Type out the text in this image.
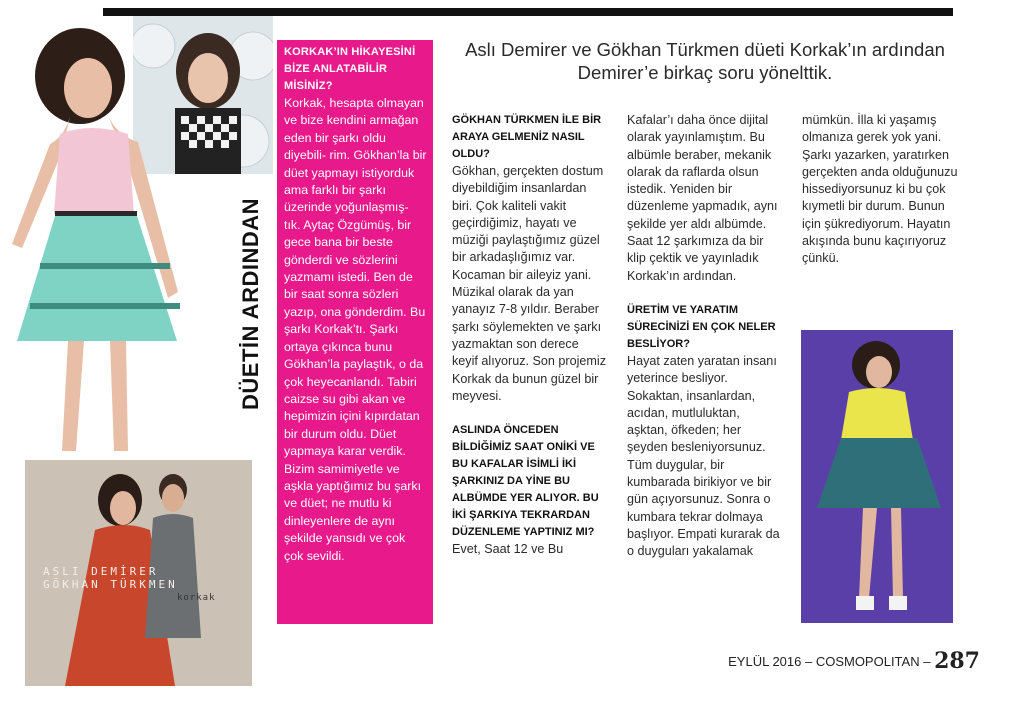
ASLI DEMİRER
GÖKHAN TÜRKMEN
korkak
KORKAK’IN HİKAYESİNİ BİZE ANLATABİLİR MİSİNİZ?
Korkak, hesapta olmayan ve bize kendini armağan eden bir şarkı oldu diyebili- rim. Gökhan’la bir düet yapmayı istiyorduk ama farklı bir şarkı üzerinde yoğunlaşmış- tık. Aytaç Özgümüş, bir gece bana bir beste gönderdi ve sözlerini yazmamı istedi. Ben de bir saat sonra sözleri yazıp, ona gönderdim. Bu şarkı Korkak’tı. Şarkı ortaya çıkınca bunu Gökhan’la paylaştık, o da çok heyecanlandı. Tabiri caizse su gibi akan ve hepimizin içini kıpırdatan bir durum oldu. Düet yapmaya karar verdik. Bizim samimiyetle ve aşkla yaptığımız bu şarkı ve düet; ne mutlu ki dinleyenlere de aynı şekilde yansıdı ve çok çok sevildi.
DÜETİN ARDINDAN
Aslı Demirer ve Gökhan Türkmen düeti Korkak’ın ardından Demirer’e birkaç soru yönelttik.
GÖKHAN TÜRKMEN İLE BİR ARAYA GELMENİZ NASIL OLDU?
Gökhan, gerçekten dostum diyebildiğim insanlardan biri. Çok kaliteli vakit geçirdiğimiz, hayatı ve müziği paylaştığımız güzel bir arkadaşlığımız var. Kocaman bir aileyiz yani. Müzikal olarak da yan yanayız 7-8 yıldır. Beraber şarkı söylemekten ve şarkı yazmaktan son derece keyif alıyoruz. Son projemiz Korkak da bunun güzel bir meyvesi.
ASLINDA ÖNCEDEN BİLDİĞİMİZ SAAT ONİKİ VE BU KAFALAR İSİMLİ İKİ ŞARKINIZ DA YİNE BU ALBÜMDE YER ALIYOR. BU İKİ ŞARKIYA TEKRARDAN DÜZENLEME YAPTINIZ MI?
Evet, Saat 12 ve Bu
Kafalar’ı daha önce dijital olarak yayınlamıştım. Bu albümle beraber, mekanik olarak da raflarda olsun istedik. Yeniden bir düzenleme yapmadık, aynı şekilde yer aldı albümde. Saat 12 şarkımıza da bir klip çektik ve yayınladık Korkak’ın ardından.
ÜRETİM VE YARATIM SÜRECİNİZİ EN ÇOK NELER BESLİYOR?
Hayat zaten yaratan insanı yeterince besliyor. Sokaktan, insanlardan, acıdan, mutluluktan, aşktan, öfkeden; her şeyden besleniyorsunuz. Tüm duygular, bir kumbarada birikiyor ve bir gün açıyorsunuz. Sonra o kumbara tekrar dolmaya başlıyor. Empati kurarak da o duyguları yakalamak
mümkün. İlla ki yaşamış olmanıza gerek yok yani. Şarkı yazarken, yaratırken gerçekten anda olduğunuzu hissediyorsunuz ki bu çok kıymetli bir durum. Bunun için şükrediyorum. Hayatın akışında bunu kaçırıyoruz çünkü.
EYLÜL 2016 – COSMOPOLITAN – 287
